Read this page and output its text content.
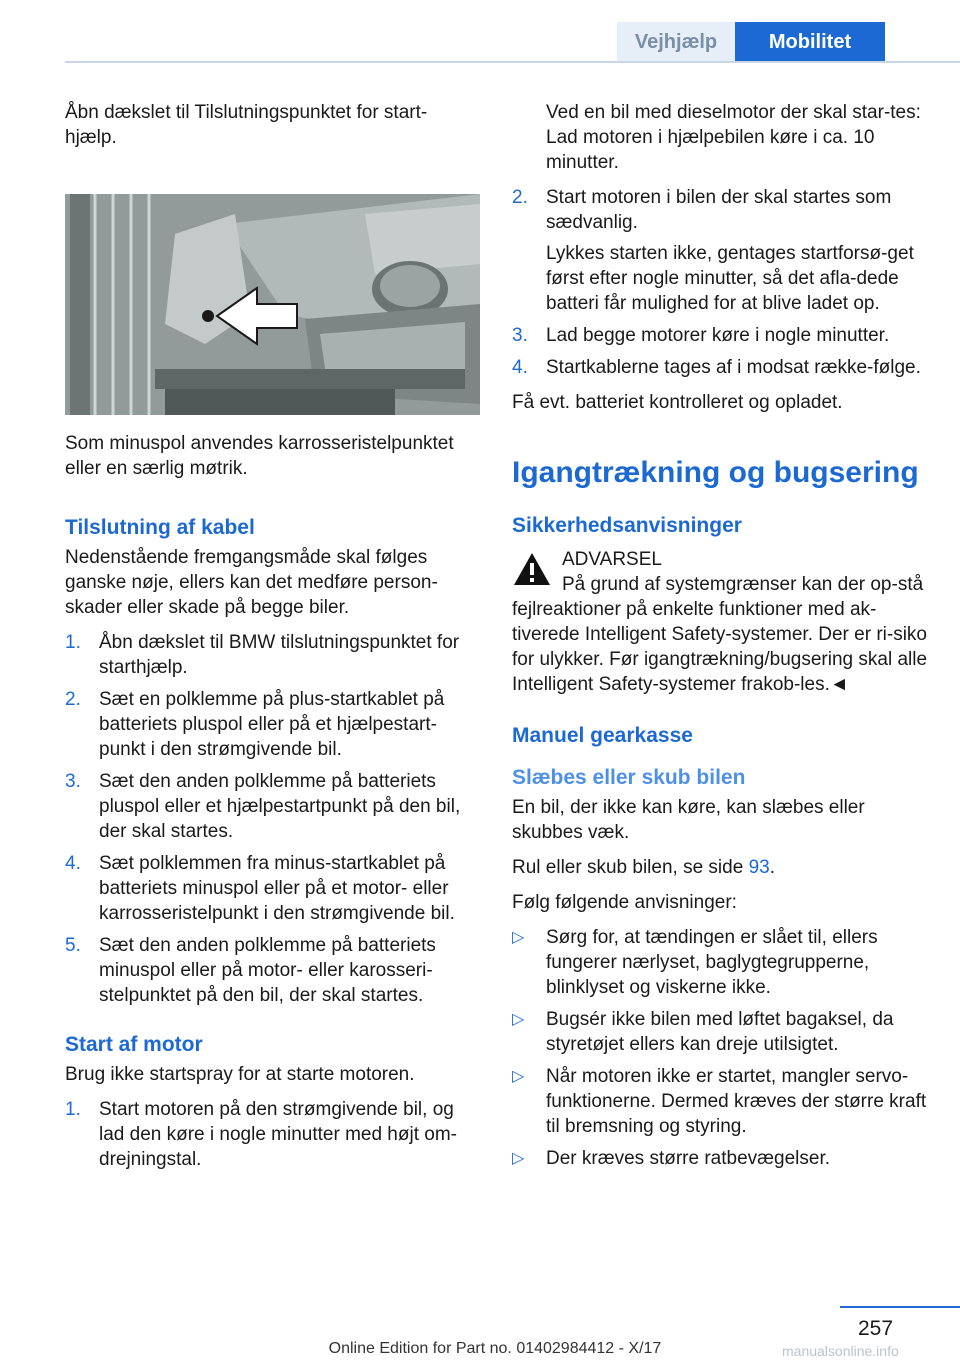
Vejhjælp	Mobilitet

Åbn dækslet til Tilslutningspunktet for start-
hjælp.

Som minuspol anvendes karrosseristelpunktet eller en særlig møtrik.

Tilslutning af kabel

Nedenstående fremgangsmåde skal følges ganske nøje, ellers kan det medføre person-skader eller skade på begge biler.

1. Åbn dækslet til BMW tilslutningspunktet for starthjælp.
2. Sæt en polklemme på plus-startkablet på batteriets pluspol eller på et hjælpestart-punkt i den strømgivende bil.
3. Sæt den anden polklemme på batteriets pluspol eller et hjælpestartpunkt på den bil, der skal startes.
4. Sæt polklemmen fra minus-startkablet på batteriets minuspol eller på et motor- eller karrosseristelpunkt i den strømgivende bil.
5. Sæt den anden polklemme på batteriets minuspol eller på motor- eller karosseri-stelpunktet på den bil, der skal startes.
Start af motor

Brug ikke startspray for at starte motoren.

1. Start motoren på den strømgivende bil, og lad den køre i nogle minutter med højt om-drejningstal.

Ved en bil med dieselmotor der skal star-tes: Lad motoren i hjælpebilen køre i ca. 10 minutter.

2. Start motoren i bilen der skal startes som sædvanlig.

Lykkes starten ikke, gentages startforsø-get først efter nogle minutter, så det afla-dede batteri får mulighed for at blive ladet op.

3. Lad begge motorer køre i nogle minutter.
4. Startkablerne tages af i modsat række-følge.

Få evt. batteriet kontrolleret og opladet.

Igangtrækning og bugsering
Sikkerhedsanvisninger
ADVARSEL

På grund af systemgrænser kan der op-stå fejlreaktioner på enkelte funktioner med ak-tiverede Intelligent Safety-systemer. Der er ri-siko for ulykker. Før igangtrækning/bugsering skal alle Intelligent Safety-systemer frakob-les.◄

Manuel gearkasse
Slæbes eller skub bilen

En bil, der ikke kan køre, kan slæbes eller skubbes væk.

Rul eller skub bilen, se side 93.

Følg følgende anvisninger:

▷ Sørg for, at tændingen er slået til, ellers fungerer nærlyset, baglygtegrupperne, blinklyset og viskerne ikke.
▷ Bugsér ikke bilen med løftet bagaksel, da styretøjet ellers kan dreje utilsigtet.
▷ Når motoren ikke er startet, mangler servo-funktionerne. Dermed kræves der større kraft til bremsning og styring.
▷ Der kræves større ratbevægelser.
257
Online Edition for Part no. 01402984412 - X/17	manualsonline.info
